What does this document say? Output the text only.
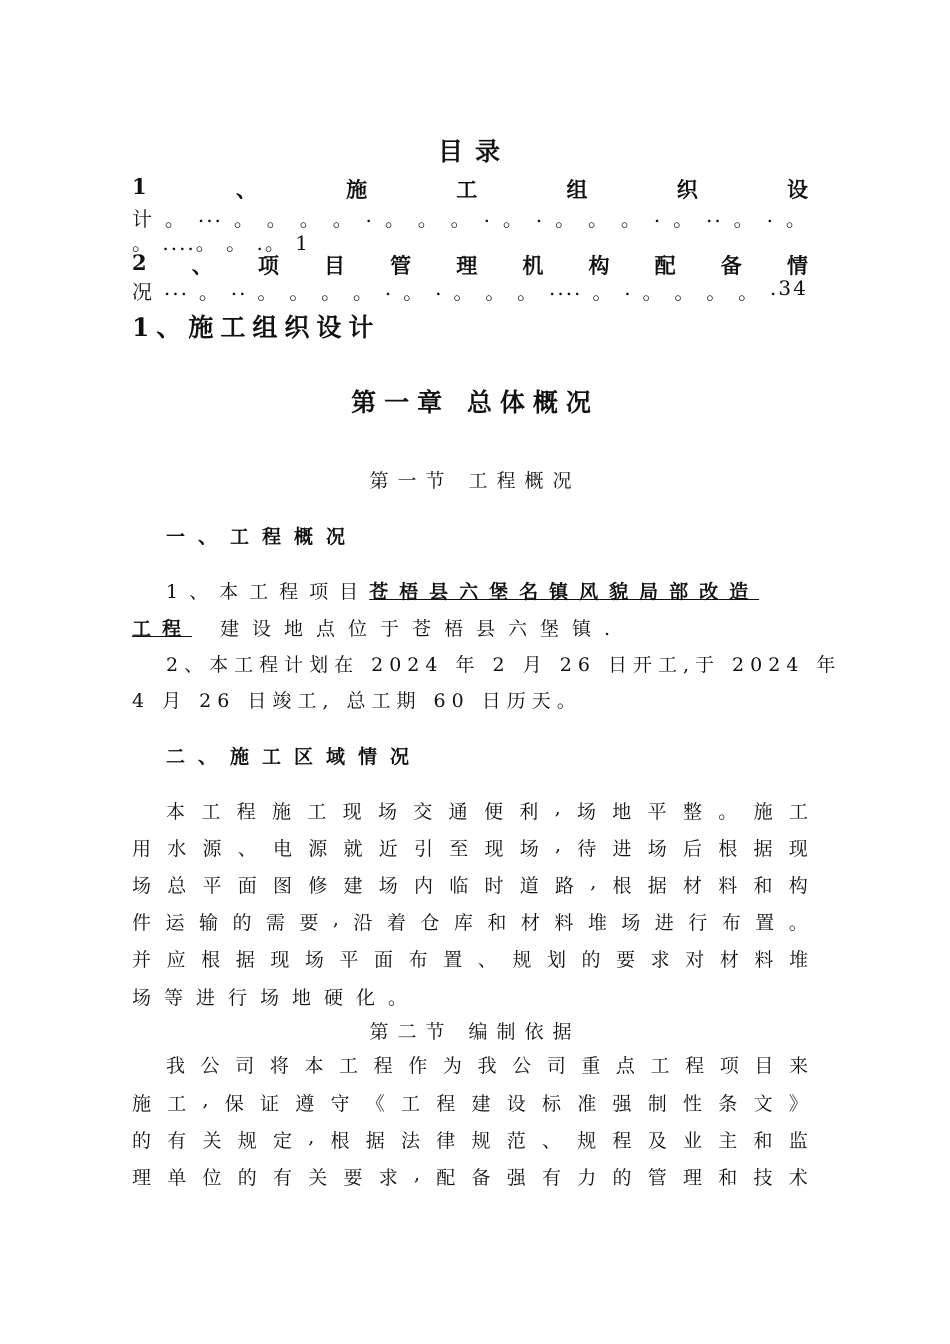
目录
1	、	施	工	组	织	设
计 。 ... 。 。 。 。 . 。 。 。 . 。 . 。 。 。 . 。 .. 。 . 。
。 ....。 。 .。 1
2 、 项 目 管 理 机 构 配 备 情
况 ... 。 .. 。 。 。 。 . 。 . 。 。 。 .... 。 . 。 。 。 。 .34
1、施工组织设计
第一章 总体概况
第一节 工程概况
一、工程概况
1、本工程项目苍梧县六堡名镇风貌局部改造
工程 建设地点位于苍梧县六堡镇.
2、本工程计划在 2024 年 2 月 26 日开工,于 2024 年
4 月 26 日竣工, 总工期 60 日历天。
二、施工区域情况
本 工 程 施 工 现 场 交 通 便 利 , 场 地 平 整 。 施 工
用 水 源 、 电 源 就 近 引 至 现 场 , 待 进 场 后 根 据 现
场 总 平 面 图 修 建 场 内 临 时 道 路 , 根 据 材 料 和 构
件 运 输 的 需 要 , 沿 着 仓 库 和 材 料 堆 场 进 行 布 置 。
并 应 根 据 现 场 平 面 布 置 、 规 划 的 要 求 对 材 料 堆
场等进行场地硬化。
第二节 编制依据
我 公 司 将 本 工 程 作 为 我 公 司 重 点 工 程 项 目 来
施 工 , 保 证 遵 守 《 工 程 建 设 标 准 强 制 性 条 文 》
的 有 关 规 定 , 根 据 法 律 规 范 、 规 程 及 业 主 和 监
理 单 位 的 有 关 要 求 , 配 备 强 有 力 的 管 理 和 技 术
